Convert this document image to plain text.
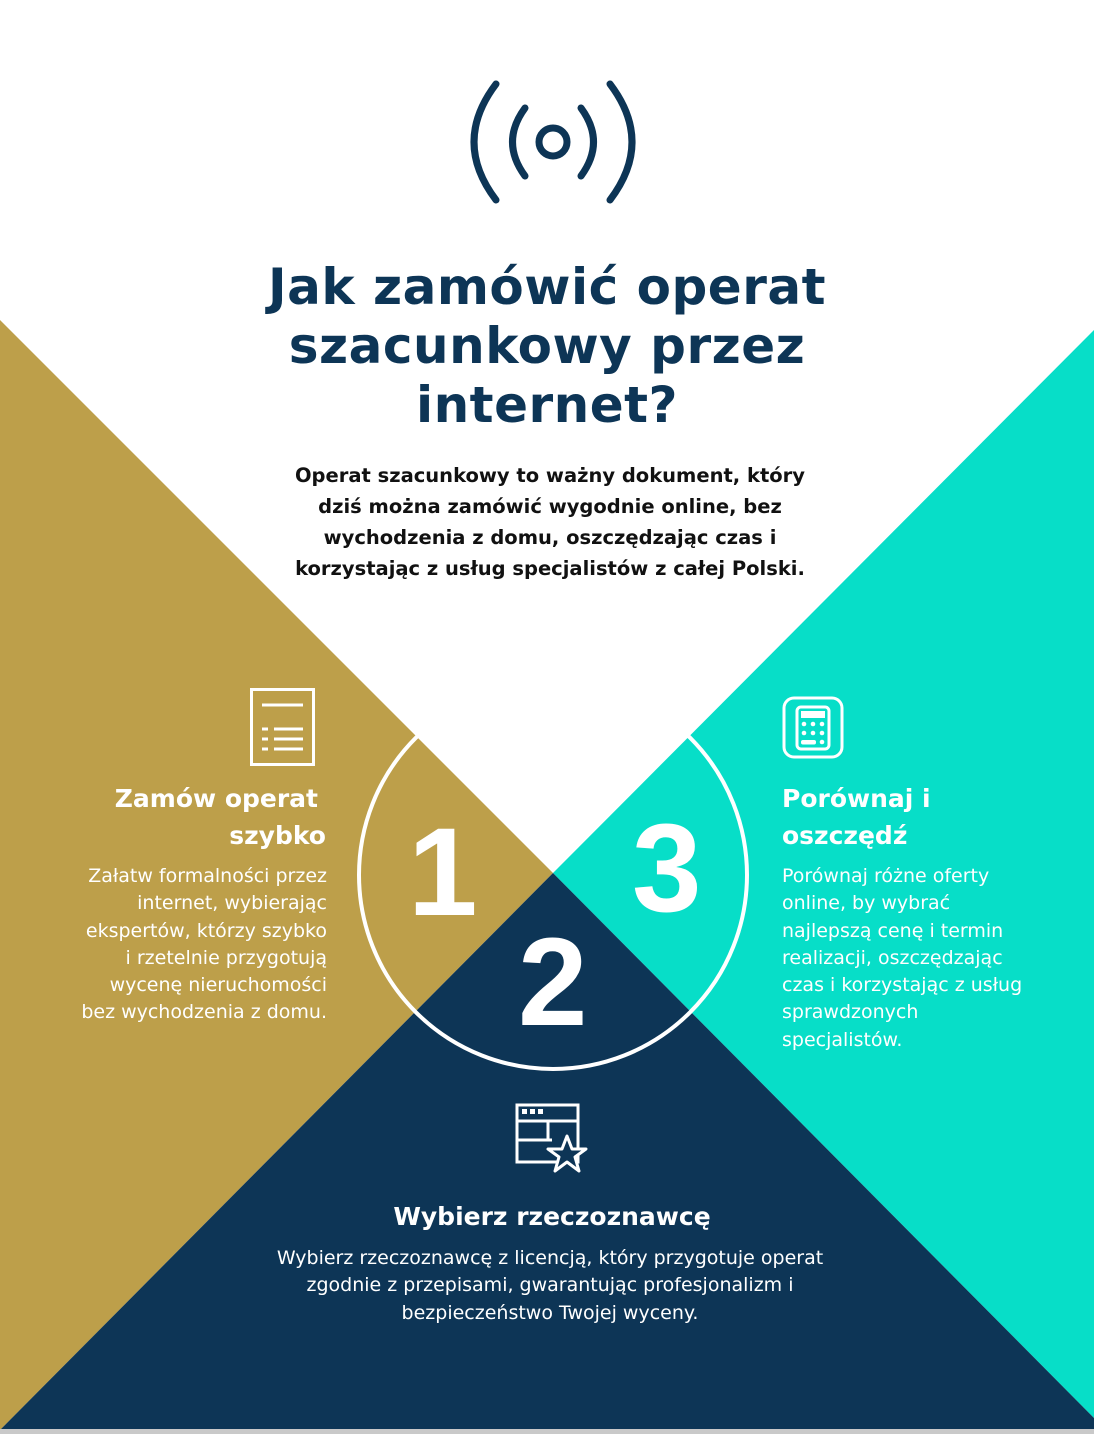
Jak zamówić operat
szacunkowy przez
internet?
Operat szacunkowy to ważny dokument, który
dziś można zamówić wygodnie online, bez
wychodzenia z domu, oszczędzając czas i
korzystając z usług specjalistów z całej Polski.
1
2
3
Zamów operat
szybko
Załatw formalności przez
internet, wybierając
ekspertów, którzy szybko
i rzetelnie przygotują
wycenę nieruchomości
bez wychodzenia z domu.
Porównaj i
oszczędź
Porównaj różne oferty
online, by wybrać
najlepszą cenę i termin
realizacji, oszczędzając
czas i korzystając z usług
sprawdzonych
specjalistów.
Wybierz rzeczoznawcę
Wybierz rzeczoznawcę z licencją, który przygotuje operat
zgodnie z przepisami, gwarantując profesjonalizm i
bezpieczeństwo Twojej wyceny.
